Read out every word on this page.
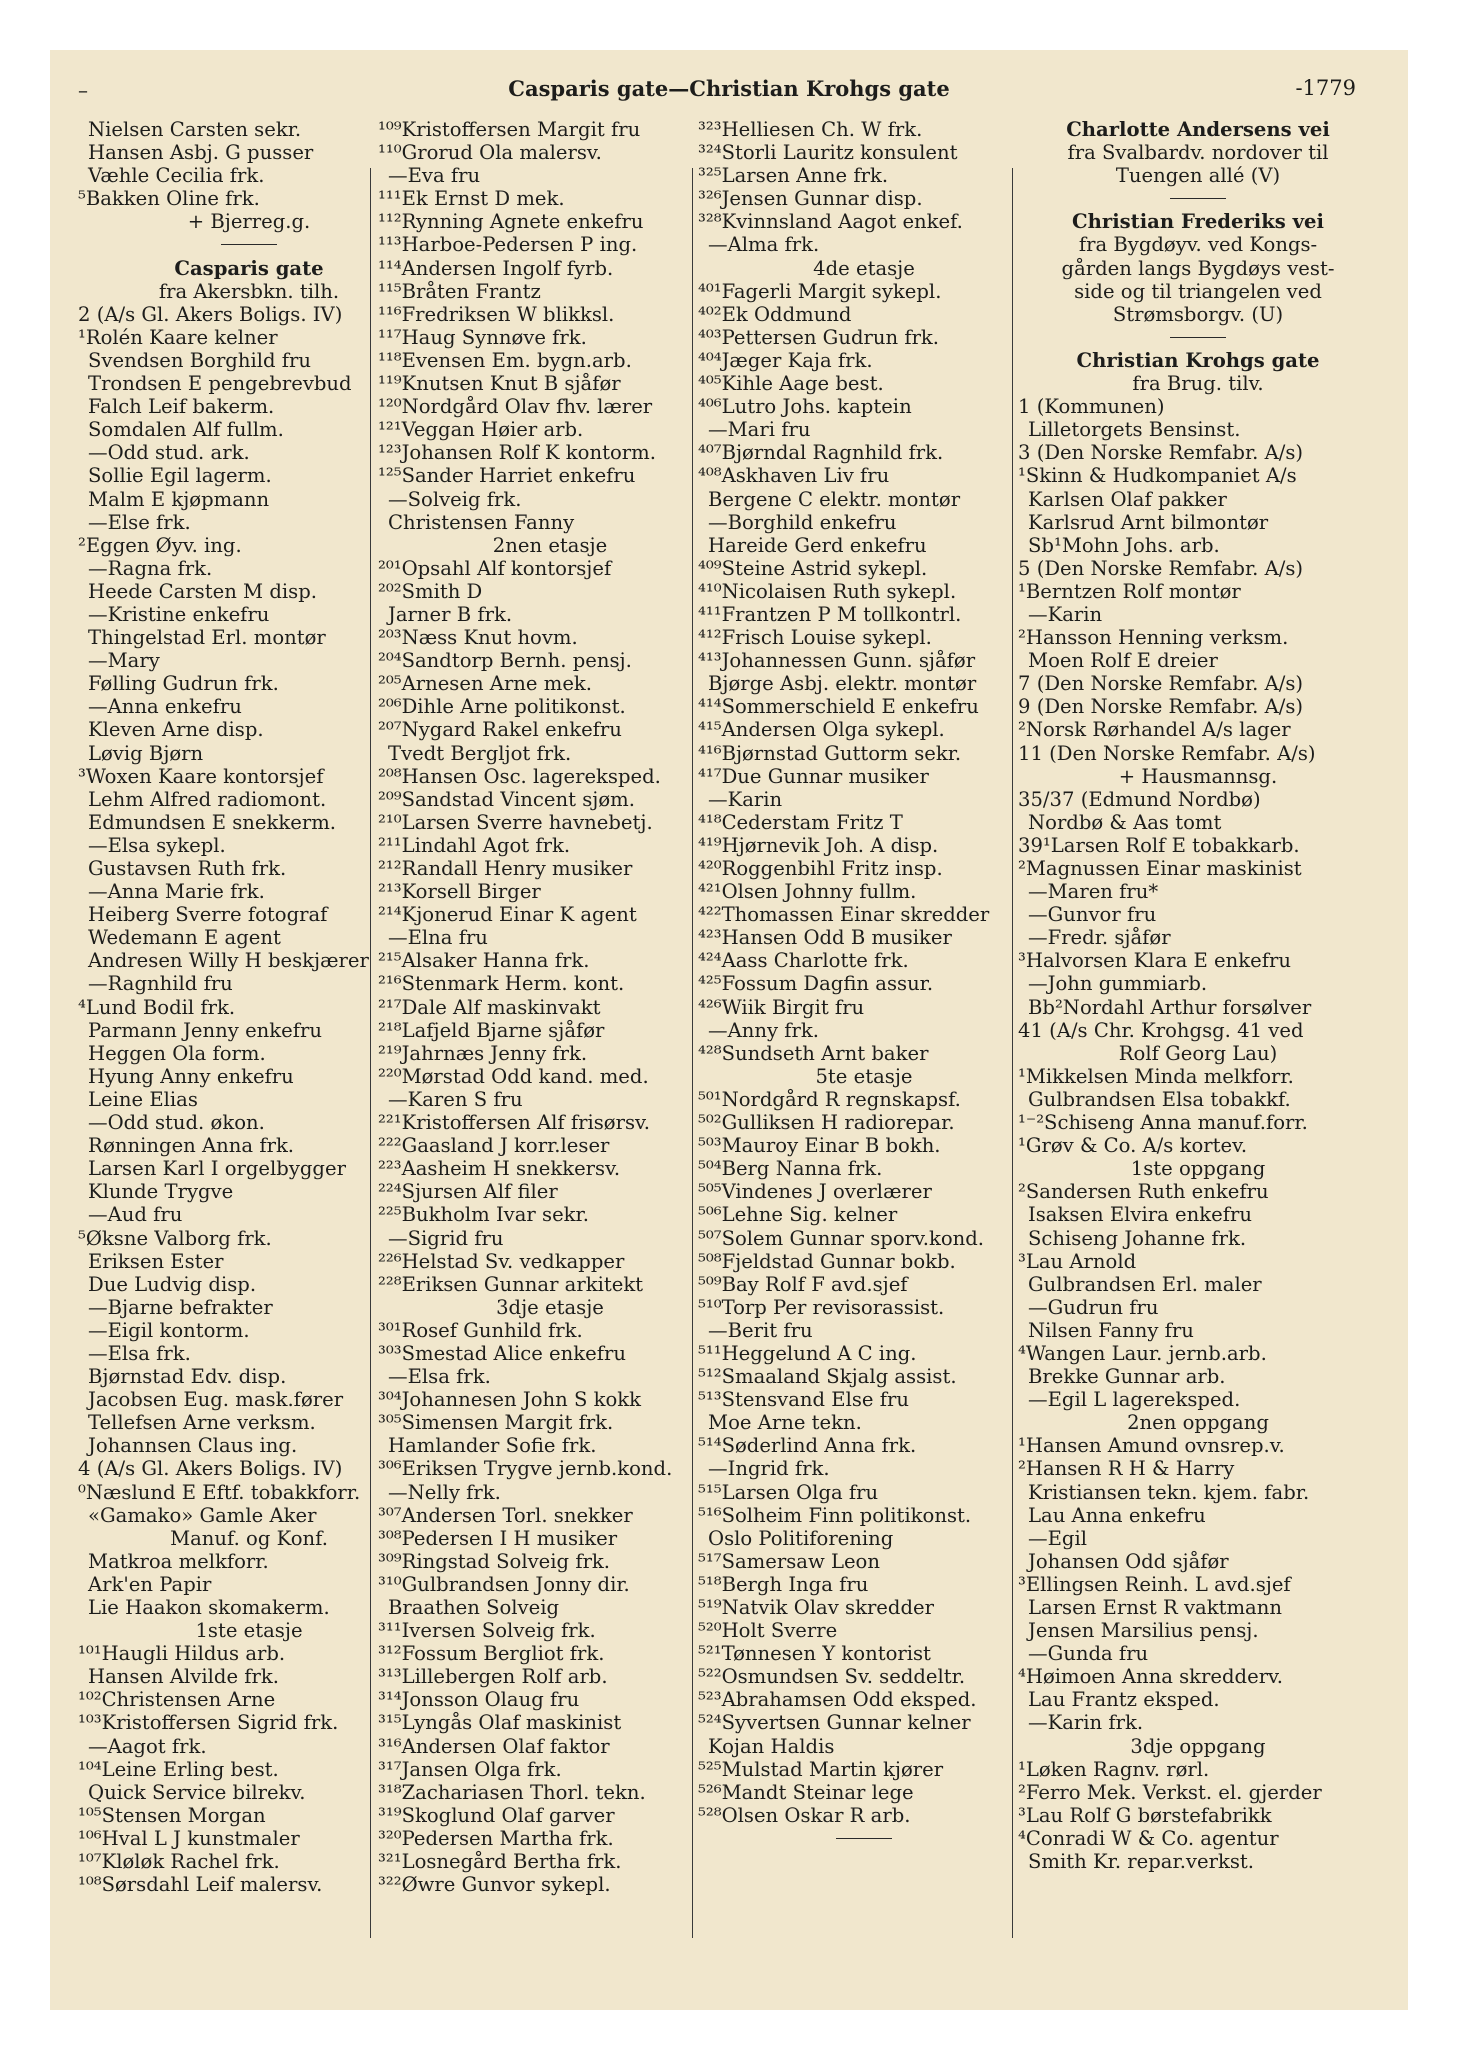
–	Casparis gate—Christian Krohgs gate	-1779
Nielsen Carsten sekr.
Hansen Asbj. G pusser
Væhle Cecilia frk.
⁵Bakken Oline frk.
+ Bjerreg.g.
Casparis gate
fra Akersbkn. tilh.
2 (A/s Gl. Akers Boligs. IV)
¹Rolén Kaare kelner
Svendsen Borghild fru
Trondsen E pengebrevbud
Falch Leif bakerm.
Somdalen Alf fullm.
—Odd stud. ark.
Sollie Egil lagerm.
Malm E kjøpmann
—Else frk.
²Eggen Øyv. ing.
—Ragna frk.
Heede Carsten M disp.
—Kristine enkefru
Thingelstad Erl. montør
—Mary
Følling Gudrun frk.
—Anna enkefru
Kleven Arne disp.
Løvig Bjørn
³Woxen Kaare kontorsjef
Lehm Alfred radiomont.
Edmundsen E snekkerm.
—Elsa sykepl.
Gustavsen Ruth frk.
—Anna Marie frk.
Heiberg Sverre fotograf
Wedemann E agent
Andresen Willy H beskjærer
—Ragnhild fru
⁴Lund Bodil frk.
Parmann Jenny enkefru
Heggen Ola form.
Hyung Anny enkefru
Leine Elias
—Odd stud. økon.
Rønningen Anna frk.
Larsen Karl I orgelbygger
Klunde Trygve
—Aud fru
⁵Øksne Valborg frk.
Eriksen Ester
Due Ludvig disp.
—Bjarne befrakter
—Eigil kontorm.
—Elsa frk.
Bjørnstad Edv. disp.
Jacobsen Eug. mask.fører
Tellefsen Arne verksm.
Johannsen Claus ing.
4 (A/s Gl. Akers Boligs. IV)
⁰Næslund E Eftf. tobakkforr.
«Gamako» Gamle Aker
Manuf. og Konf.
Matkroa melkforr.
Ark'en Papir
Lie Haakon skomakerm.
1ste etasje
¹⁰¹Haugli Hildus arb.
Hansen Alvilde frk.
¹⁰²Christensen Arne
¹⁰³Kristoffersen Sigrid frk.
—Aagot frk.
¹⁰⁴Leine Erling best.
Quick Service bilrekv.
¹⁰⁵Stensen Morgan
¹⁰⁶Hval L J kunstmaler
¹⁰⁷Kløløk Rachel frk.
¹⁰⁸Sørsdahl Leif malersv.
¹⁰⁹Kristoffersen Margit fru
¹¹⁰Grorud Ola malersv.
—Eva fru
¹¹¹Ek Ernst D mek.
¹¹²Rynning Agnete enkefru
¹¹³Harboe-Pedersen P ing.
¹¹⁴Andersen Ingolf fyrb.
¹¹⁵Bråten Frantz
¹¹⁶Fredriksen W blikksl.
¹¹⁷Haug Synnøve frk.
¹¹⁸Evensen Em. bygn.arb.
¹¹⁹Knutsen Knut B sjåfør
¹²⁰Nordgård Olav fhv. lærer
¹²¹Veggan Høier arb.
¹²³Johansen Rolf K kontorm.
¹²⁵Sander Harriet enkefru
—Solveig frk.
Christensen Fanny
2nen etasje
²⁰¹Opsahl Alf kontorsjef
²⁰²Smith D
Jarner B frk.
²⁰³Næss Knut hovm.
²⁰⁴Sandtorp Bernh. pensj.
²⁰⁵Arnesen Arne mek.
²⁰⁶Dihle Arne politikonst.
²⁰⁷Nygard Rakel enkefru
Tvedt Bergljot frk.
²⁰⁸Hansen Osc. lagereksped.
²⁰⁹Sandstad Vincent sjøm.
²¹⁰Larsen Sverre havnebetj.
²¹¹Lindahl Agot frk.
²¹²Randall Henry musiker
²¹³Korsell Birger
²¹⁴Kjonerud Einar K agent
—Elna fru
²¹⁵Alsaker Hanna frk.
²¹⁶Stenmark Herm. kont.
²¹⁷Dale Alf maskinvakt
²¹⁸Lafjeld Bjarne sjåfør
²¹⁹Jahrnæs Jenny frk.
²²⁰Mørstad Odd kand. med.
—Karen S fru
²²¹Kristoffersen Alf frisørsv.
²²²Gaasland J korr.leser
²²³Aasheim H snekkersv.
²²⁴Sjursen Alf filer
²²⁵Bukholm Ivar sekr.
—Sigrid fru
²²⁶Helstad Sv. vedkapper
²²⁸Eriksen Gunnar arkitekt
3dje etasje
³⁰¹Rosef Gunhild frk.
³⁰³Smestad Alice enkefru
—Elsa frk.
³⁰⁴Johannesen John S kokk
³⁰⁵Simensen Margit frk.
Hamlander Sofie frk.
³⁰⁶Eriksen Trygve jernb.kond.
—Nelly frk.
³⁰⁷Andersen Torl. snekker
³⁰⁸Pedersen I H musiker
³⁰⁹Ringstad Solveig frk.
³¹⁰Gulbrandsen Jonny dir.
Braathen Solveig
³¹¹Iversen Solveig frk.
³¹²Fossum Bergliot frk.
³¹³Lillebergen Rolf arb.
³¹⁴Jonsson Olaug fru
³¹⁵Lyngås Olaf maskinist
³¹⁶Andersen Olaf faktor
³¹⁷Jansen Olga frk.
³¹⁸Zachariasen Thorl. tekn.
³¹⁹Skoglund Olaf garver
³²⁰Pedersen Martha frk.
³²¹Losnegård Bertha frk.
³²²Øwre Gunvor sykepl.
³²³Helliesen Ch. W frk.
³²⁴Storli Lauritz konsulent
³²⁵Larsen Anne frk.
³²⁶Jensen Gunnar disp.
³²⁸Kvinnsland Aagot enkef.
—Alma frk.
4de etasje
⁴⁰¹Fagerli Margit sykepl.
⁴⁰²Ek Oddmund
⁴⁰³Pettersen Gudrun frk.
⁴⁰⁴Jæger Kaja frk.
⁴⁰⁵Kihle Aage best.
⁴⁰⁶Lutro Johs. kaptein
—Mari fru
⁴⁰⁷Bjørndal Ragnhild frk.
⁴⁰⁸Askhaven Liv fru
Bergene C elektr. montør
—Borghild enkefru
Hareide Gerd enkefru
⁴⁰⁹Steine Astrid sykepl.
⁴¹⁰Nicolaisen Ruth sykepl.
⁴¹¹Frantzen P M tollkontrl.
⁴¹²Frisch Louise sykepl.
⁴¹³Johannessen Gunn. sjåfør
Bjørge Asbj. elektr. montør
⁴¹⁴Sommerschield E enkefru
⁴¹⁵Andersen Olga sykepl.
⁴¹⁶Bjørnstad Guttorm sekr.
⁴¹⁷Due Gunnar musiker
—Karin
⁴¹⁸Cederstam Fritz T
⁴¹⁹Hjørnevik Joh. A disp.
⁴²⁰Roggenbihl Fritz insp.
⁴²¹Olsen Johnny fullm.
⁴²²Thomassen Einar skredder
⁴²³Hansen Odd B musiker
⁴²⁴Aass Charlotte frk.
⁴²⁵Fossum Dagfin assur.
⁴²⁶Wiik Birgit fru
—Anny frk.
⁴²⁸Sundseth Arnt baker
5te etasje
⁵⁰¹Nordgård R regnskapsf.
⁵⁰²Gulliksen H radiorepar.
⁵⁰³Mauroy Einar B bokh.
⁵⁰⁴Berg Nanna frk.
⁵⁰⁵Vindenes J overlærer
⁵⁰⁶Lehne Sig. kelner
⁵⁰⁷Solem Gunnar sporv.kond.
⁵⁰⁸Fjeldstad Gunnar bokb.
⁵⁰⁹Bay Rolf F avd.sjef
⁵¹⁰Torp Per revisorassist.
—Berit fru
⁵¹¹Heggelund A C ing.
⁵¹²Smaaland Skjalg assist.
⁵¹³Stensvand Else fru
Moe Arne tekn.
⁵¹⁴Søderlind Anna frk.
—Ingrid frk.
⁵¹⁵Larsen Olga fru
⁵¹⁶Solheim Finn politikonst.
Oslo Politiforening
⁵¹⁷Samersaw Leon
⁵¹⁸Bergh Inga fru
⁵¹⁹Natvik Olav skredder
⁵²⁰Holt Sverre
⁵²¹Tønnesen Y kontorist
⁵²²Osmundsen Sv. seddeltr.
⁵²³Abrahamsen Odd eksped.
⁵²⁴Syvertsen Gunnar kelner
Kojan Haldis
⁵²⁵Mulstad Martin kjører
⁵²⁶Mandt Steinar lege
⁵²⁸Olsen Oskar R arb.
Charlotte Andersens vei
fra Svalbardv. nordover til
Tuengen allé (V)
Christian Frederiks vei
fra Bygdøyv. ved Kongs-
gården langs Bygdøys vest-
side og til triangelen ved
Strømsborgv. (U)
Christian Krohgs gate
fra Brug. tilv.
1 (Kommunen)
Lilletorgets Bensinst.
3 (Den Norske Remfabr. A/s)
¹Skinn & Hudkompaniet A/s
Karlsen Olaf pakker
Karlsrud Arnt bilmontør
Sb¹Mohn Johs. arb.
5 (Den Norske Remfabr. A/s)
¹Berntzen Rolf montør
—Karin
²Hansson Henning verksm.
Moen Rolf E dreier
7 (Den Norske Remfabr. A/s)
9 (Den Norske Remfabr. A/s)
²Norsk Rørhandel A/s lager
11 (Den Norske Remfabr. A/s)
+ Hausmannsg.
35/37 (Edmund Nordbø)
Nordbø & Aas tomt
39¹Larsen Rolf E tobakkarb.
²Magnussen Einar maskinist
—Maren fru*
—Gunvor fru
—Fredr. sjåfør
³Halvorsen Klara E enkefru
—John gummiarb.
Bb²Nordahl Arthur forsølver
41 (A/s Chr. Krohgsg. 41 ved
Rolf Georg Lau)
¹Mikkelsen Minda melkforr.
Gulbrandsen Elsa tobakkf.
¹⁻²Schiseng Anna manuf.forr.
¹Grøv & Co. A/s kortev.
1ste oppgang
²Sandersen Ruth enkefru
Isaksen Elvira enkefru
Schiseng Johanne frk.
³Lau Arnold
Gulbrandsen Erl. maler
—Gudrun fru
Nilsen Fanny fru
⁴Wangen Laur. jernb.arb.
Brekke Gunnar arb.
—Egil L lagereksped.
2nen oppgang
¹Hansen Amund ovnsrep.v.
²Hansen R H & Harry
Kristiansen tekn. kjem. fabr.
Lau Anna enkefru
—Egil
Johansen Odd sjåfør
³Ellingsen Reinh. L avd.sjef
Larsen Ernst R vaktmann
Jensen Marsilius pensj.
—Gunda fru
⁴Høimoen Anna skredderv.
Lau Frantz eksped.
—Karin frk.
3dje oppgang
¹Løken Ragnv. rørl.
²Ferro Mek. Verkst. el. gjerder
³Lau Rolf G børstefabrikk
⁴Conradi W & Co. agentur
Smith Kr. repar.verkst.
